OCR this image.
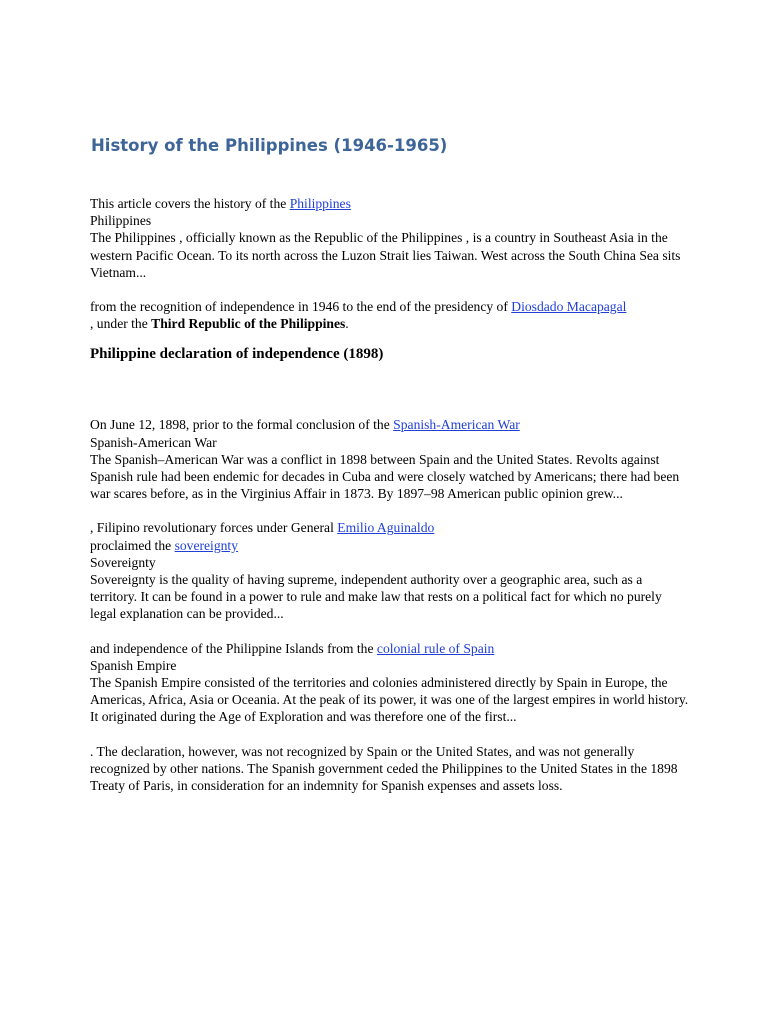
History of the Philippines (1946-1965)

This article covers the history of the Philippines

Philippines

The Philippines , officially known as the Republic of the Philippines , is a country in Southeast Asia in the western Pacific Ocean. To its north across the Luzon Strait lies Taiwan. West across the South China Sea sits Vietnam...

from the recognition of independence in 1946 to the end of the presidency of Diosdado Macapagal

, under the Third Republic of the Philippines.

Philippine declaration of independence (1898)

On June 12, 1898, prior to the formal conclusion of the Spanish-American War

Spanish-American War

The Spanish–American War was a conflict in 1898 between Spain and the United States. Revolts against Spanish rule had been endemic for decades in Cuba and were closely watched by Americans; there had been war scares before, as in the Virginius Affair in 1873. By 1897–98 American public opinion grew...

, Filipino revolutionary forces under General Emilio Aguinaldo

proclaimed the sovereignty

Sovereignty

Sovereignty is the quality of having supreme, independent authority over a geographic area, such as a territory. It can be found in a power to rule and make law that rests on a political fact for which no purely legal explanation can be provided...

and independence of the Philippine Islands from the colonial rule of Spain

Spanish Empire

The Spanish Empire consisted of the territories and colonies administered directly by Spain in Europe, the Americas, Africa, Asia or Oceania. At the peak of its power, it was one of the largest empires in world history. It originated during the Age of Exploration and was therefore one of the first...

. The declaration, however, was not recognized by Spain or the United States, and was not generally recognized by other nations. The Spanish government ceded the Philippines to the United States in the 1898 Treaty of Paris, in consideration for an indemnity for Spanish expenses and assets loss.
